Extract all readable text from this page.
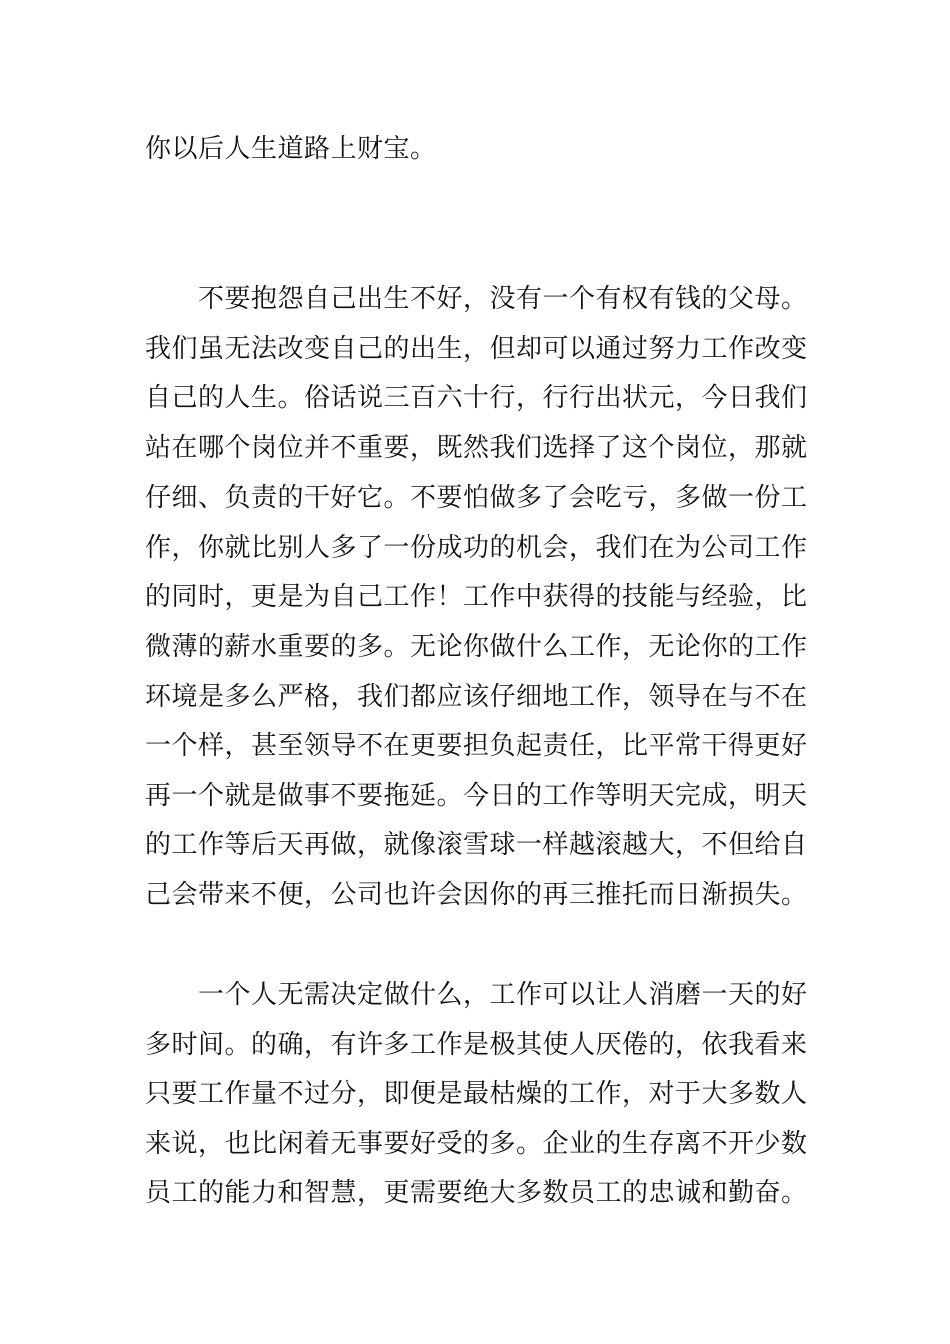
你以后人生道路上财宝。
　　不要抱怨自己出生不好，没有一个有权有钱的父母。
我们虽无法改变自己的出生，但却可以通过努力工作改变
自己的人生。俗话说三百六十行，行行出状元，今日我们
站在哪个岗位并不重要，既然我们选择了这个岗位，那就
仔细、负责的干好它。不要怕做多了会吃亏，多做一份工
作，你就比别人多了一份成功的机会，我们在为公司工作
的同时，更是为自己工作！工作中获得的技能与经验，比
微薄的薪水重要的多。无论你做什么工作，无论你的工作
环境是多么严格，我们都应该仔细地工作，领导在与不在
一个样，甚至领导不在更要担负起责任，比平常干得更好
再一个就是做事不要拖延。今日的工作等明天完成，明天
的工作等后天再做，就像滚雪球一样越滚越大，不但给自
己会带来不便，公司也许会因你的再三推托而日渐损失。
　　一个人无需决定做什么，工作可以让人消磨一天的好
多时间。的确，有许多工作是极其使人厌倦的，依我看来
只要工作量不过分，即便是最枯燥的工作，对于大多数人
来说，也比闲着无事要好受的多。企业的生存离不开少数
员工的能力和智慧，更需要绝大多数员工的忠诚和勤奋。
